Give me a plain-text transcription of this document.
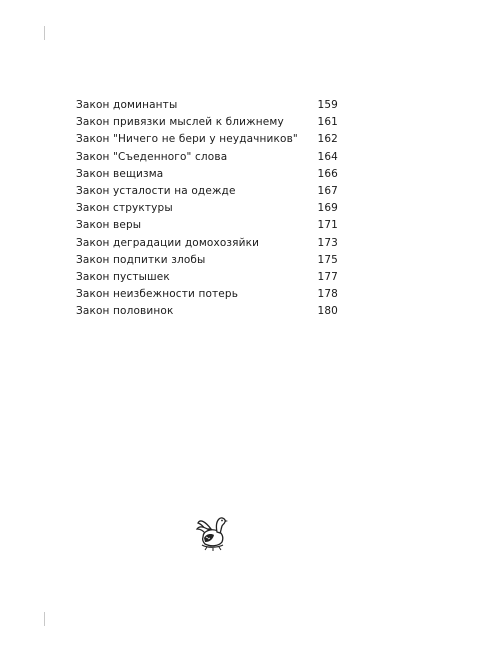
Закон доминанты	159
Закон привязки мыслей к ближнему	161
Закон "Ничего не бери у неудачников" 162
Закон "Съеденного" слова	164
Закон вещизма	166
Закон усталости на одежде	167
Закон структуры	169
Закон веры	171
Закон деградации домохозяйки	173
Закон подпитки злобы	175
Закон пустышек	177
Закон неизбежности потерь	178
Закон половинок	180
